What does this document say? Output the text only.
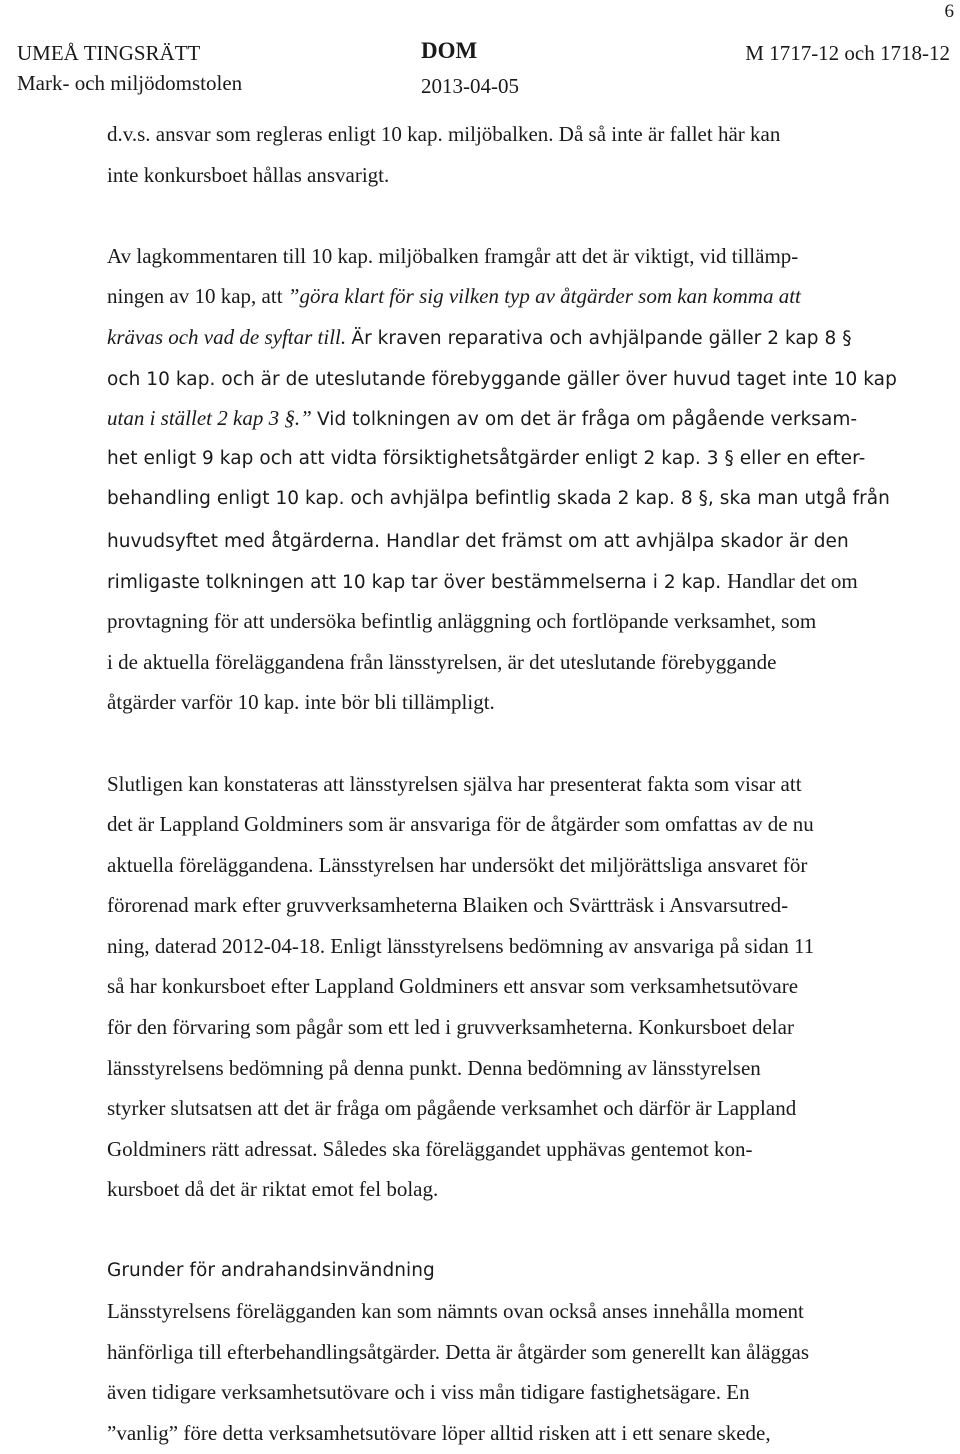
6
UMEÅ TINGSRÄTT
Mark- och miljödomstolen
DOM
2013-04-05
M 1717-12 och 1718-12
d.v.s. ansvar som regleras enligt 10 kap. miljöbalken. Då så inte är fallet här kan
inte konkursboet hållas ansvarigt.
Av lagkommentaren till 10 kap. miljöbalken framgår att det är viktigt, vid tillämp-
ningen av 10 kap, att ”göra klart för sig vilken typ av åtgärder som kan komma att
krävas och vad de syftar till. Är kraven reparativa och avhjälpande gäller 2 kap 8 §
och 10 kap. och är de uteslutande förebyggande gäller över huvud taget inte 10 kap
utan i stället 2 kap 3 §.” Vid tolkningen av om det är fråga om pågående verksam-
het enligt 9 kap och att vidta försiktighetsåtgärder enligt 2 kap. 3 § eller en efter-
behandling enligt 10 kap. och avhjälpa befintlig skada 2 kap. 8 §, ska man utgå från
huvudsyftet med åtgärderna. Handlar det främst om att avhjälpa skador är den
rimligaste tolkningen att 10 kap tar över bestämmelserna i 2 kap. Handlar det om
provtagning för att undersöka befintlig anläggning och fortlöpande verksamhet, som
i de aktuella föreläggandena från länsstyrelsen, är det uteslutande förebyggande
åtgärder varför 10 kap. inte bör bli tillämpligt.
Slutligen kan konstateras att länsstyrelsen själva har presenterat fakta som visar att
det är Lappland Goldminers som är ansvariga för de åtgärder som omfattas av de nu
aktuella föreläggandena. Länsstyrelsen har undersökt det miljörättsliga ansvaret för
förorenad mark efter gruvverksamheterna Blaiken och Svärtträsk i Ansvarsutred-
ning, daterad 2012-04-18. Enligt länsstyrelsens bedömning av ansvariga på sidan 11
så har konkursboet efter Lappland Goldminers ett ansvar som verksamhetsutövare
för den förvaring som pågår som ett led i gruvverksamheterna. Konkursboet delar
länsstyrelsens bedömning på denna punkt. Denna bedömning av länsstyrelsen
styrker slutsatsen att det är fråga om pågående verksamhet och därför är Lappland
Goldminers rätt adressat. Således ska föreläggandet upphävas gentemot kon-
kursboet då det är riktat emot fel bolag.
Grunder för andrahandsinvändning
Länsstyrelsens förelägganden kan som nämnts ovan också anses innehålla moment
hänförliga till efterbehandlingsåtgärder. Detta är åtgärder som generellt kan åläggas
även tidigare verksamhetsutövare och i viss mån tidigare fastighetsägare. En
”vanlig” före detta verksamhetsutövare löper alltid risken att i ett senare skede,
